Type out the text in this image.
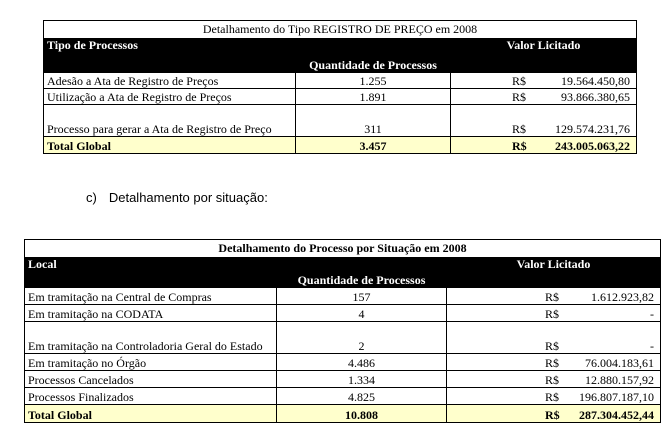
Detalhamento do Tipo REGISTRO DE PREÇO em 2008		
Tipo de Processos	Quantidade de Processos	Valor Licitado
Adesão a Ata de Registro de Preços	1.255	R$ 19.564.450,80

Utilização a Ata de Registro de Preços	1.891	R$ 93.866.380,65

Processo para gerar a Ata de Registro de Preço	311	R$ 129.574.231,76

Total Global	3.457	R$ 243.005.063,22
c) Detalhamento por situação:
Detalhamento do Processo por Situação em 2008		
Local	Quantidade de Processos	Valor Licitado
Em tramitação na Central de Compras	157	R$ 1.612.923,82

Em tramitação na CODATA	4	R$ -

Em tramitação na Controladoria Geral do Estado	2	R$ -

Em tramitação no Órgão	4.486	R$ 76.004.183,61

Processos Cancelados	1.334	R$ 12.880.157,92

Processos Finalizados	4.825	R$ 196.807.187,10

Total Global	10.808	R$ 287.304.452,44
